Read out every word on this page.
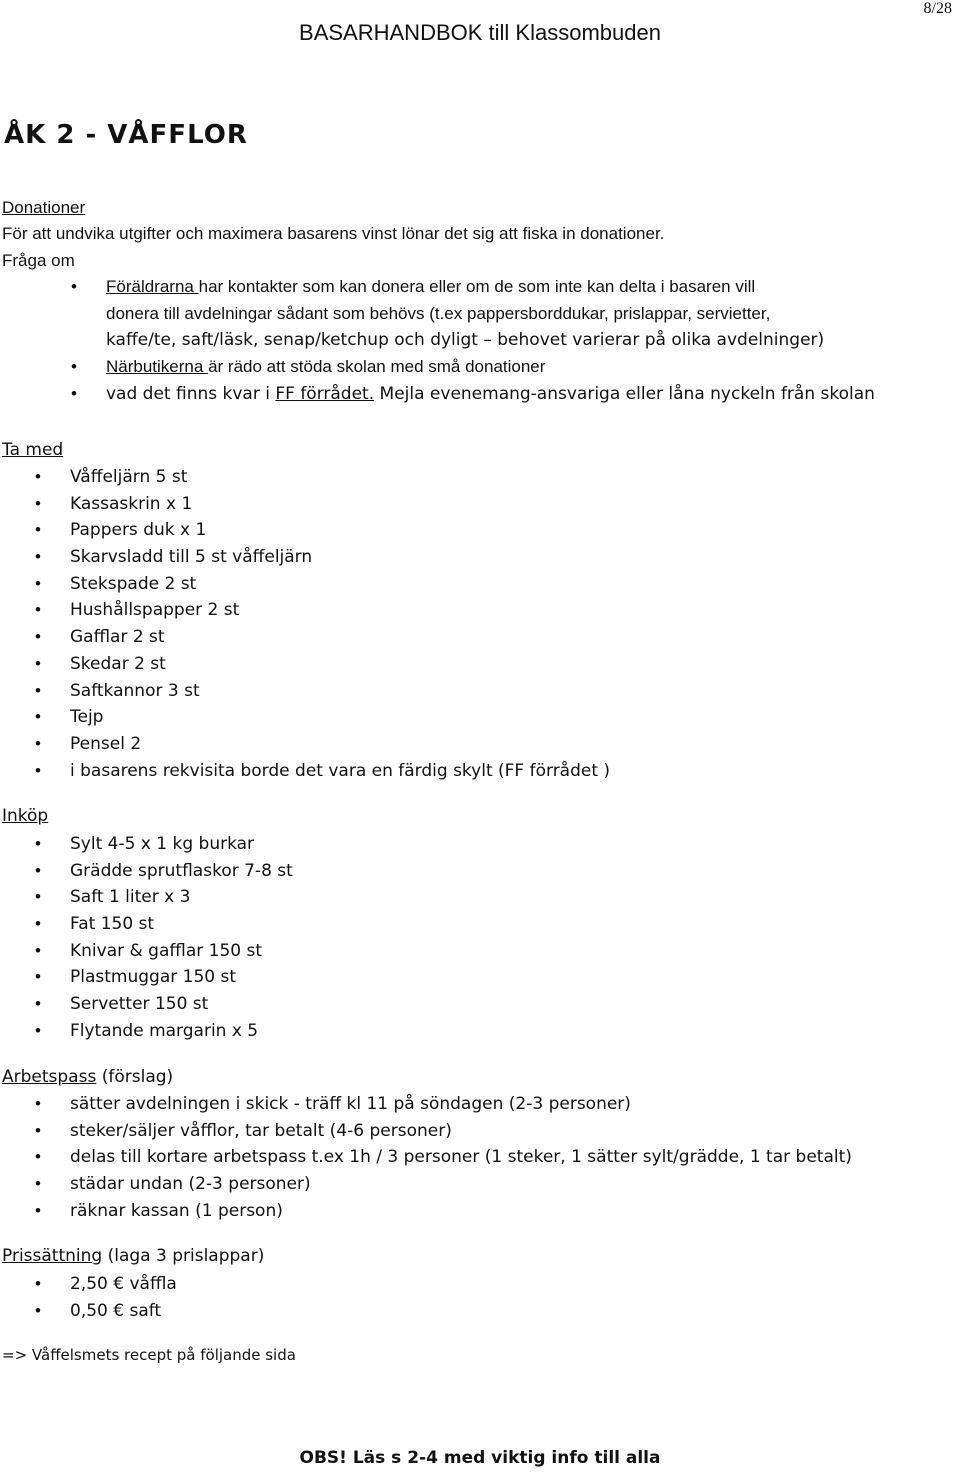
8/28
BASARHANDBOK till Klassombuden
ÅK 2 - VÅFFLOR
Donationer
För att undvika utgifter och maximera basarens vinst lönar det sig att fiska in donationer.
Fråga om
• Föräldrarna har kontakter som kan donera eller om de som inte kan delta i basaren vill
donera till avdelningar sådant som behövs (t.ex pappersborddukar, prislappar, servietter,
kaffe/te, saft/läsk, senap/ketchup och dyligt – behovet varierar på olika avdelninger)
• Närbutikerna är rädo att stöda skolan med små donationer
• vad det finns kvar i FF förrådet. Mejla evenemang-ansvariga eller låna nyckeln från skolan
Ta med
• Våffeljärn 5 st
• Kassaskrin x 1
• Pappers duk x 1
• Skarvsladd till 5 st våffeljärn
• Stekspade 2 st
• Hushållspapper 2 st
• Gafflar 2 st
• Skedar 2 st
• Saftkannor 3 st
• Tejp
• Pensel 2
• i basarens rekvisita borde det vara en färdig skylt (FF förrådet )
Inköp
• Sylt 4-5 x 1 kg burkar
• Grädde sprutflaskor 7-8 st
• Saft 1 liter x 3
• Fat 150 st
• Knivar & gafflar 150 st
• Plastmuggar 150 st
• Servetter 150 st
• Flytande margarin x 5
Arbetspass (förslag)
• sätter avdelningen i skick - träff kl 11 på söndagen (2-3 personer)
• steker/säljer våfflor, tar betalt (4-6 personer)
• delas till kortare arbetspass t.ex 1h / 3 personer (1 steker, 1 sätter sylt/grädde, 1 tar betalt)
• städar undan (2-3 personer)
• räknar kassan (1 person)
Prissättning (laga 3 prislappar)
• 2,50 € våffla
• 0,50 € saft
=> Våffelsmets recept på följande sida
OBS! Läs s 2-4 med viktig info till alla
